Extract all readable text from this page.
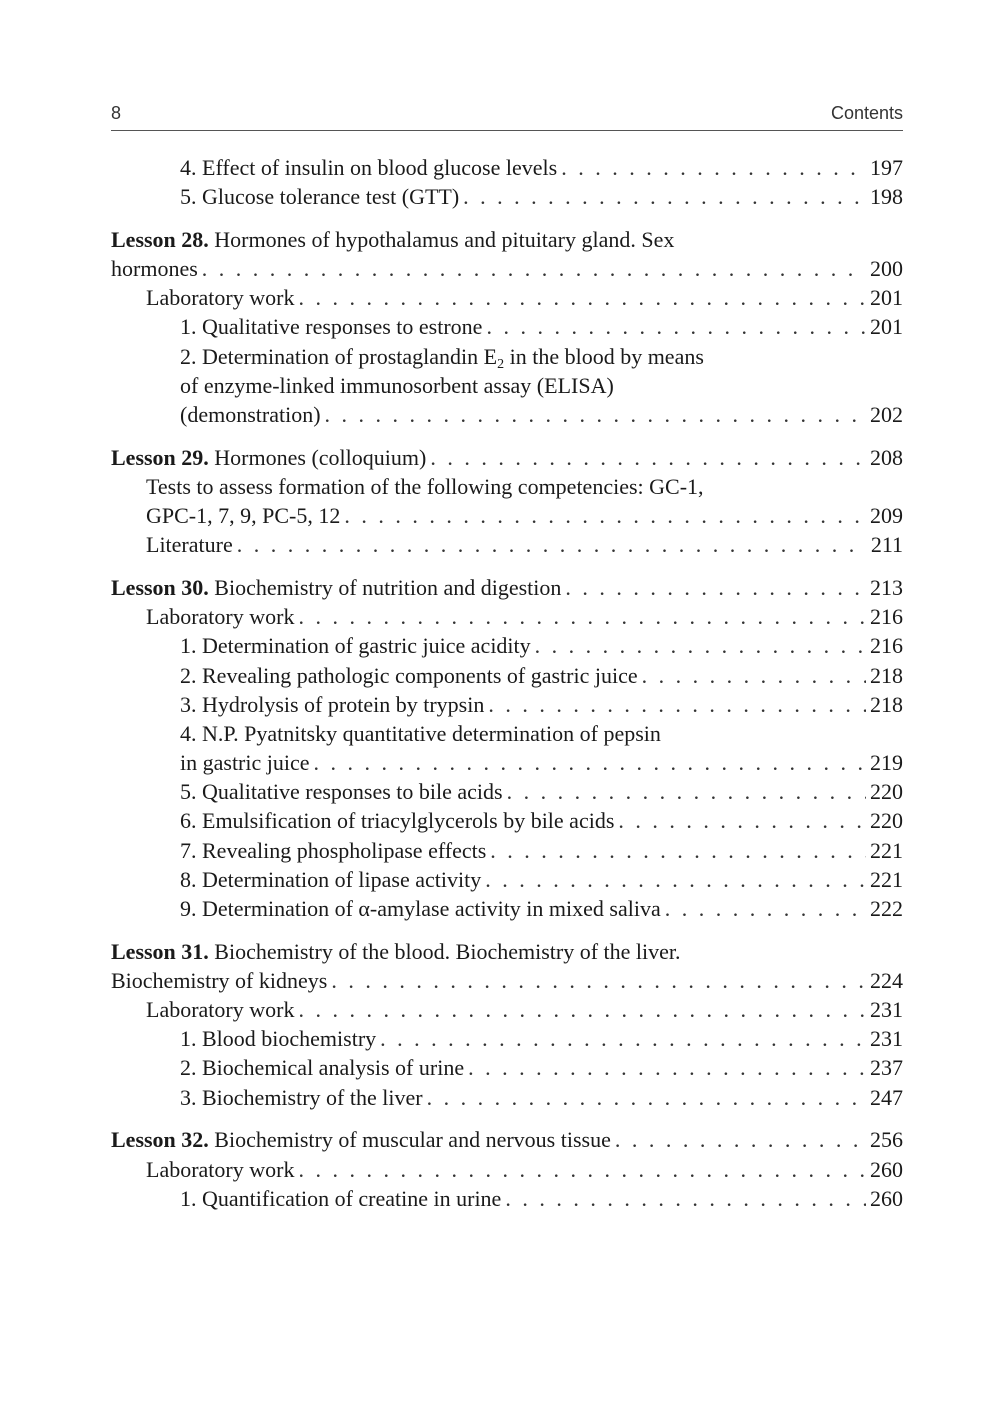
8	Contents
4. Effect of insulin on blood glucose levels . . .	197
5. Glucose tolerance test (GTT) . . .	198
Lesson 28. Hormones of hypothalamus and pituitary gland. Sex
hormones . . .	200
Laboratory work . . .	201
1. Qualitative responses to estrone . . .	201
2. Determination of prostaglandin $E_2$ in the blood by means
of enzyme-linked immunosorbent assay (ELISA)
(demonstration) . . .	202
Lesson 29. Hormones (colloquium) . . .	208
Tests to assess formation of the following competencies: GC-1,
GPC-1, 7, 9, PC-5, 12 . . .	209
Literature . . .	211
Lesson 30. Biochemistry of nutrition and digestion . . .	213
Laboratory work . . .	216
1. Determination of gastric juice acidity . . .	216
2. Revealing pathologic components of gastric juice . . .	218
3. Hydrolysis of protein by trypsin . . .	218
4. N.P. Pyatnitsky quantitative determination of pepsin
in gastric juice . . .	219
5. Qualitative responses to bile acids . . .	220
6. Emulsification of triacylglycerols by bile acids . . .	220
7. Revealing phospholipase effects . . .	221
8. Determination of lipase activity . . .	221
9. Determination of α-amylase activity in mixed saliva . . .	222
Lesson 31. Biochemistry of the blood. Biochemistry of the liver.
Biochemistry of kidneys . . .	224
Laboratory work . . .	231
1. Blood biochemistry . . .	231
2. Biochemical analysis of urine . . .	237
3. Biochemistry of the liver . . .	247
Lesson 32. Biochemistry of muscular and nervous tissue . . .	256
Laboratory work . . .	260
1. Quantification of creatine in urine . . .	260
